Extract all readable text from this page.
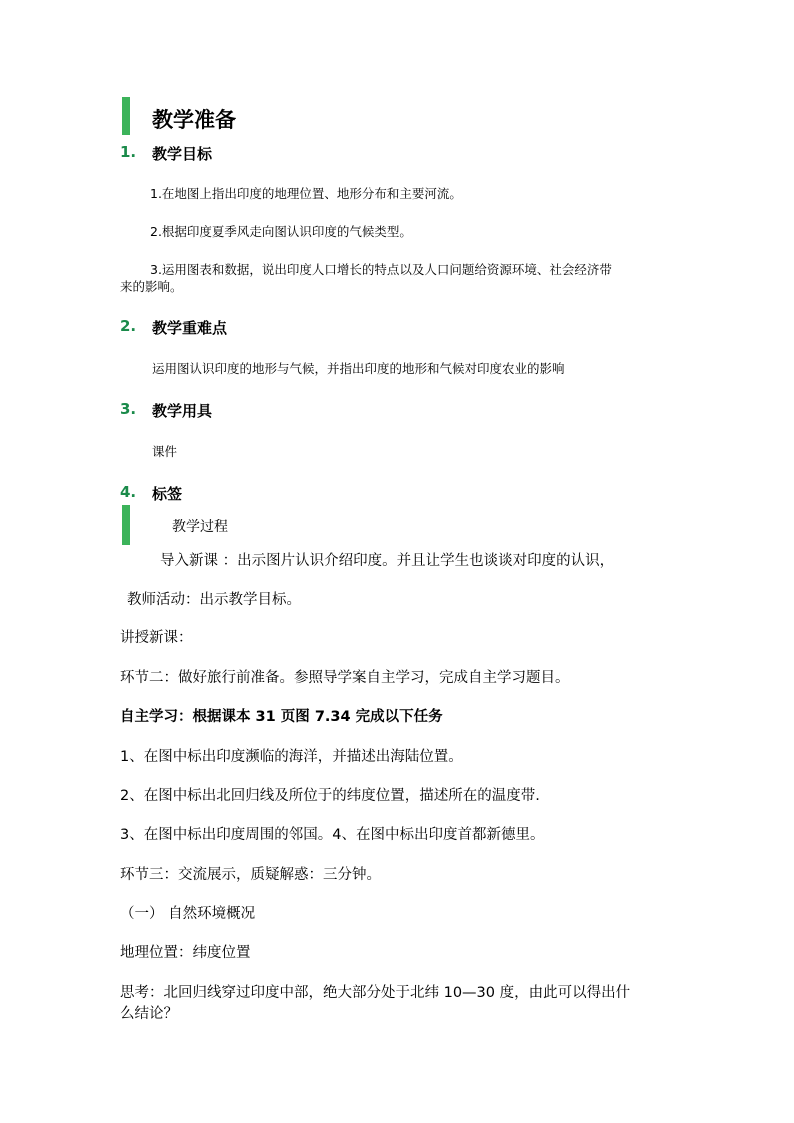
教学准备
1. 教学目标
1.在地图上指出印度的地理位置、地形分布和主要河流。
2.根据印度夏季风走向图认识印度的气候类型。
3.运用图表和数据，说出印度人口增长的特点以及人口问题给资源环境、社会经济带
来的影响。
2. 教学重难点
运用图认识印度的地形与气候，并指出印度的地形和气候对印度农业的影响
3. 教学用具
课件
4. 标签
教学过程
导入新课 ：出示图片认识介绍印度。并且让学生也谈谈对印度的认识，
教师活动：出示教学目标。
讲授新课：
环节二：做好旅行前准备。参照导学案自主学习，完成自主学习题目。
自主学习：根据课本 31 页图 7.34 完成以下任务
1、在图中标出印度濒临的海洋，并描述出海陆位置。
2、在图中标出北回归线及所位于的纬度位置，描述所在的温度带.
3、在图中标出印度周围的邻国。4、在图中标出印度首都新德里。
环节三：交流展示，质疑解惑：三分钟。
（一） 自然环境概况
地理位置：纬度位置
思考：北回归线穿过印度中部，绝大部分处于北纬 10—30 度，由此可以得出什
么结论？
